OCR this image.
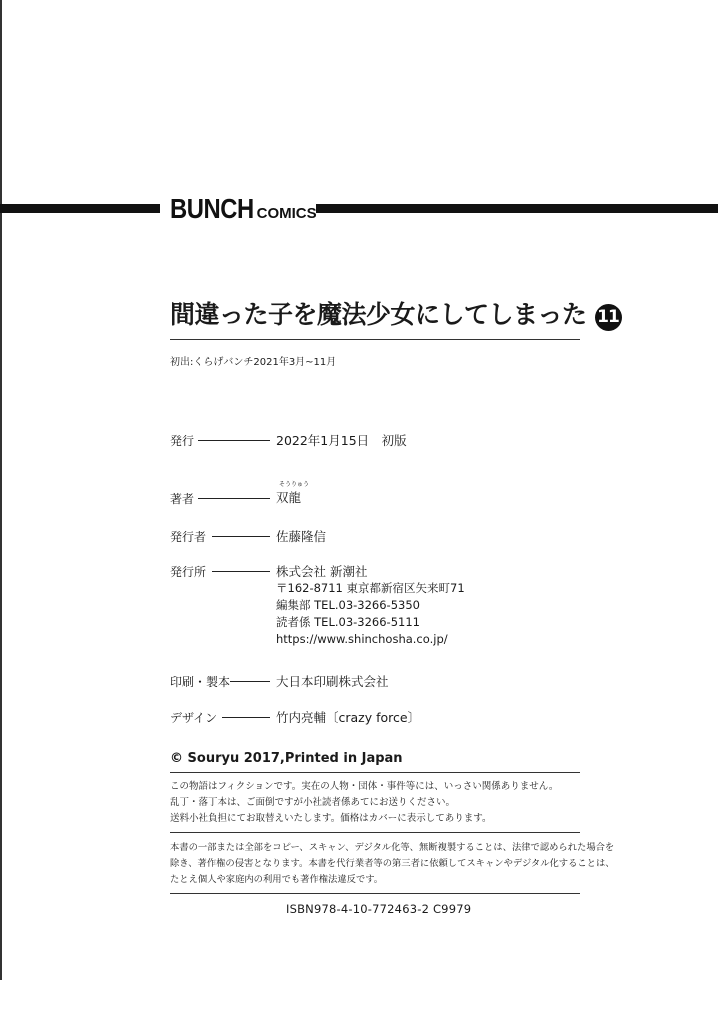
BUNCH COMICS
間違った子を魔法少女にしてしまった 11
初出:くらげバンチ2021年3月~11月
発行	2022年1月15日　初版
そうりゅう
著者	双龍
発行者	佐藤隆信
発行所	株式会社 新潮社
〒162-8711 東京都新宿区矢来町71
編集部 TEL.03-3266-5350
読者係 TEL.03-3266-5111
https://www.shinchosha.co.jp/
印刷・製本	大日本印刷株式会社
デザイン	竹内亮輔〔crazy force〕
© Souryu 2017,Printed in Japan
この物語はフィクションです。実在の人物・団体・事件等には、いっさい関係ありません。
乱丁・落丁本は、ご面倒ですが小社読者係あてにお送りください。
送料小社負担にてお取替えいたします。価格はカバーに表示してあります。
本書の一部または全部をコピー、スキャン、デジタル化等、無断複製することは、法律で認められた場合を
除き、著作権の侵害となります。本書を代行業者等の第三者に依頼してスキャンやデジタル化することは、
たとえ個人や家庭内の利用でも著作権法違反です。
ISBN978-4-10-772463-2 C9979
